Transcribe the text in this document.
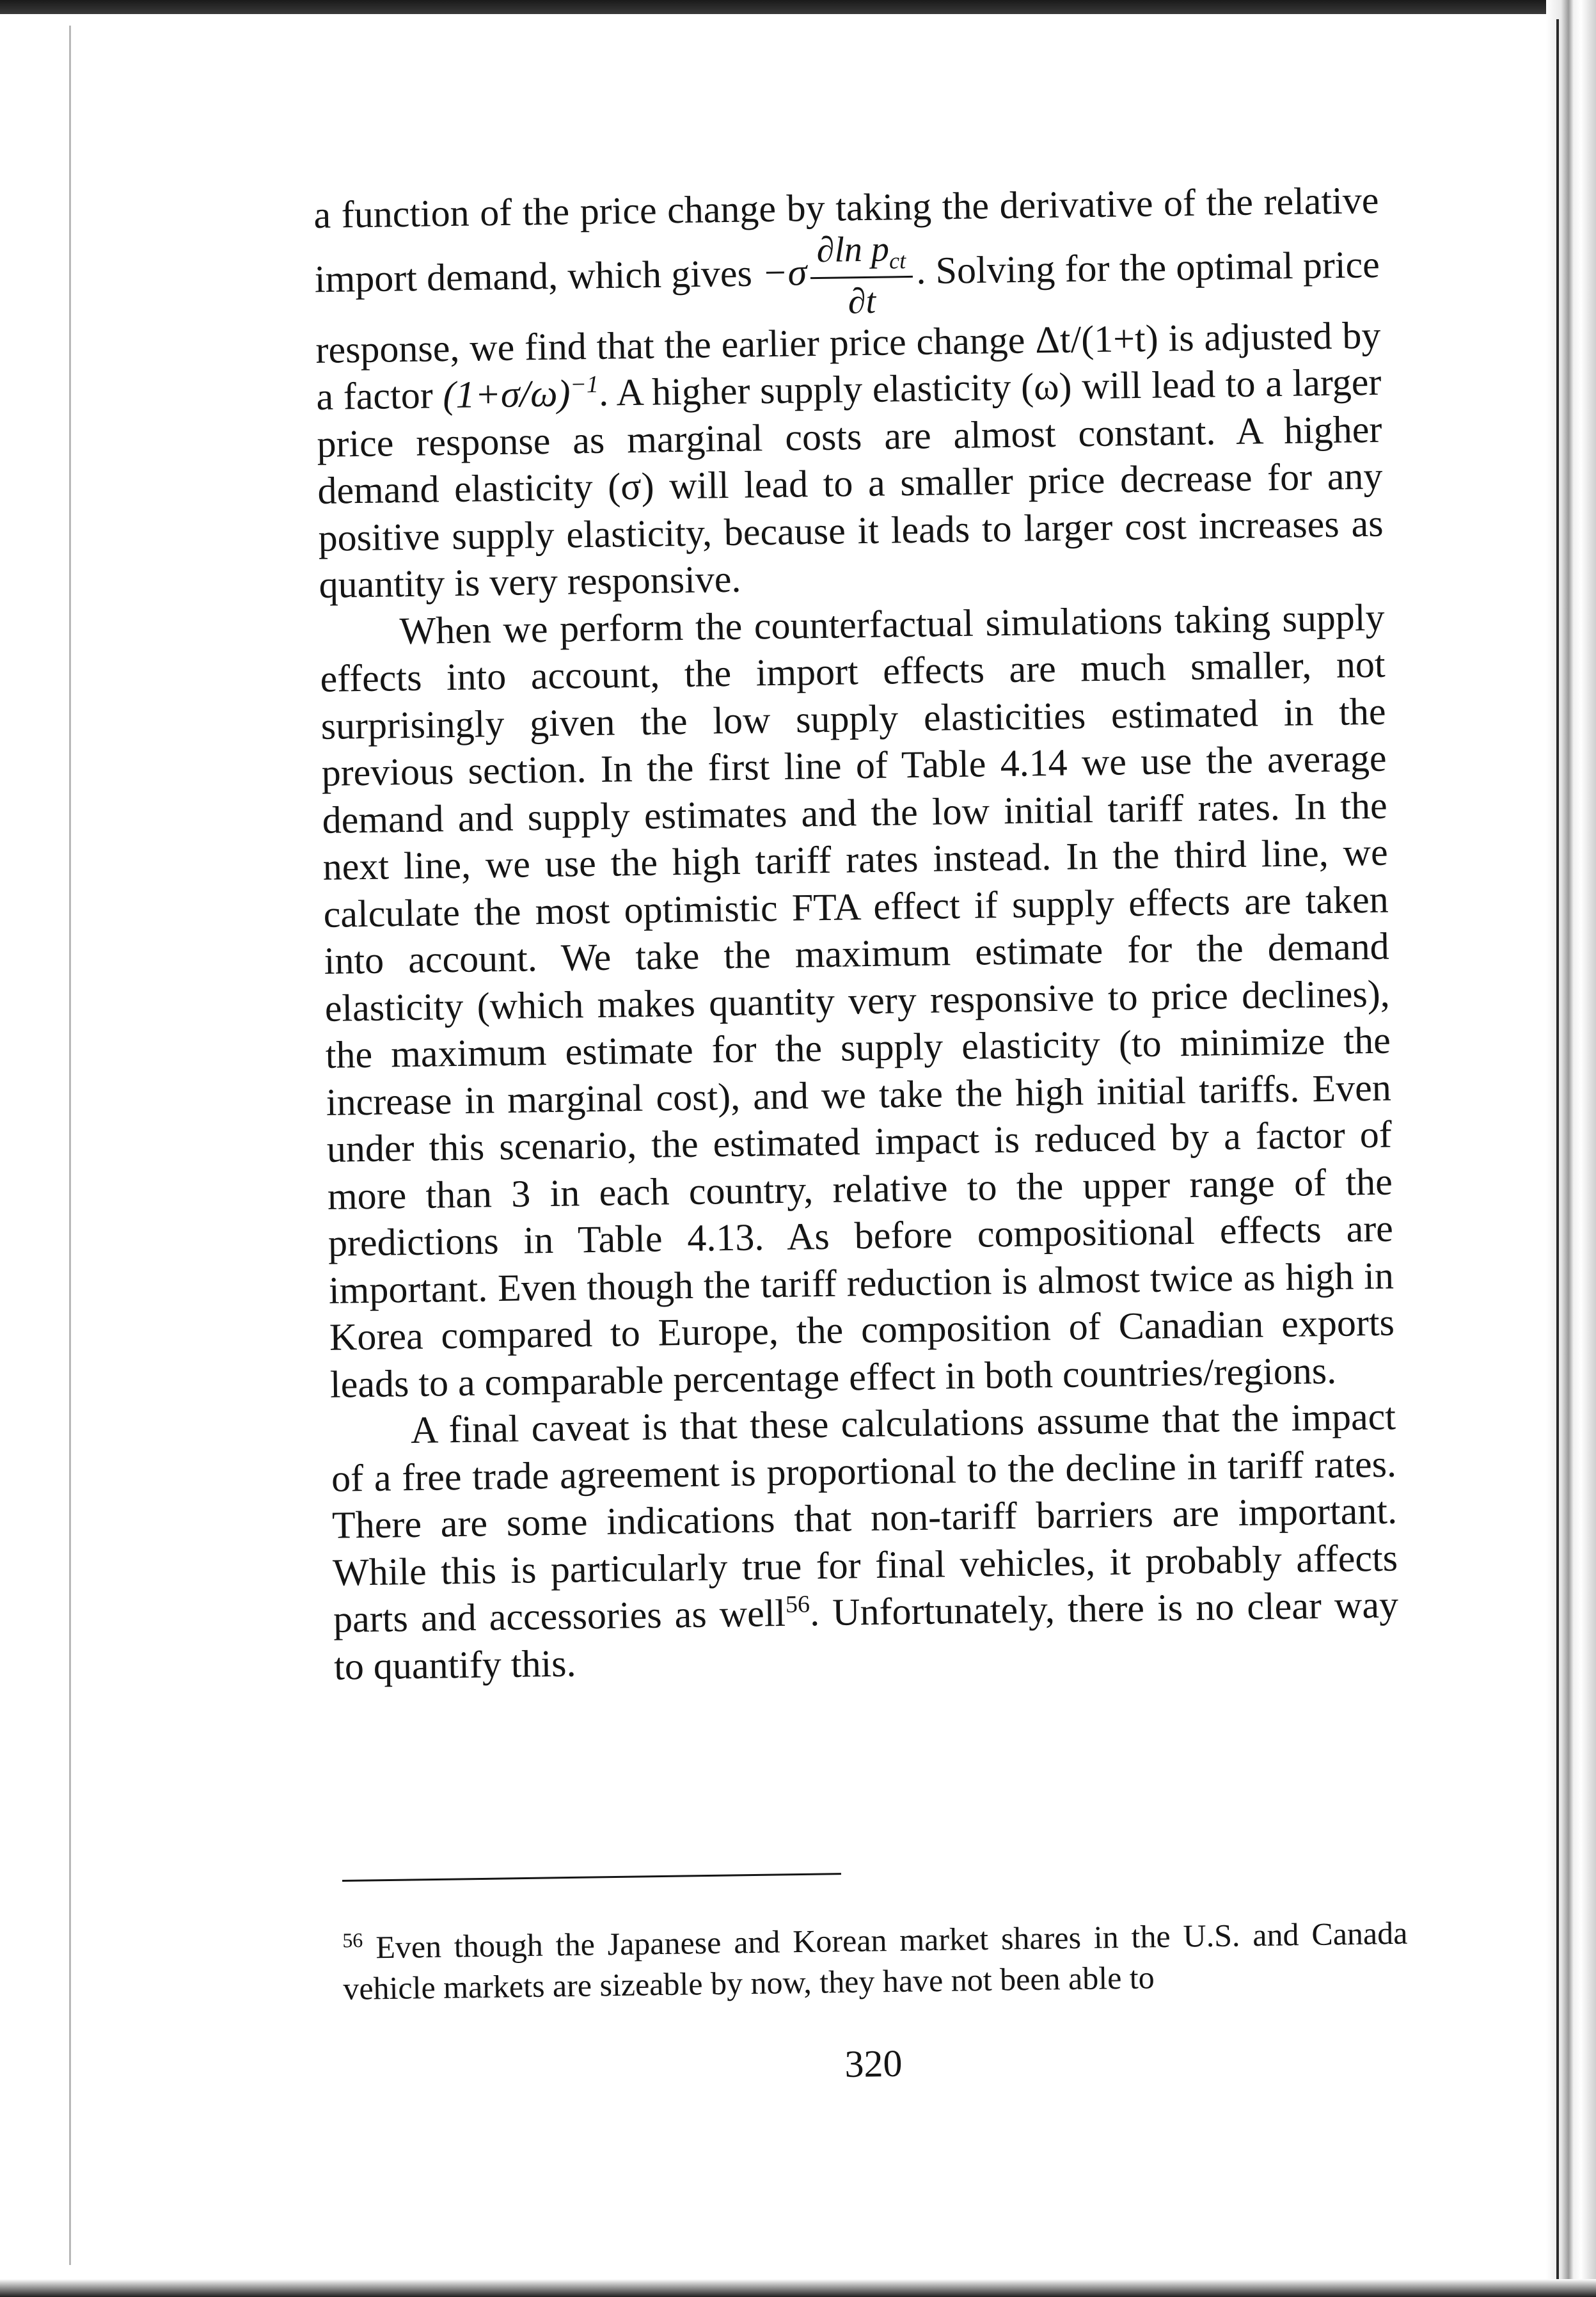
a function of the price change by taking the derivative of the relative import demand, which gives $-\sigma \frac{\partial\ln p_{ct}}{\partial t}$ . Solving for the optimal price response, we find that the earlier price change Δt/(1+t) is adjusted by a factor $(1+\sigma/\omega)^{-1}$. A higher supply elasticity (ω) will lead to a larger price response as marginal costs are almost constant. A higher demand elasticity (σ) will lead to a smaller price decrease for any positive supply elasticity, because it leads to larger cost increases as quantity is very responsive.

When we perform the counterfactual simulations taking supply effects into account, the import effects are much smaller, not surprisingly given the low supply elasticities estimated in the previous section. In the first line of Table 4.14 we use the average demand and supply estimates and the low initial tariff rates. In the next line, we use the high tariff rates instead. In the third line, we calculate the most optimistic FTA effect if supply effects are taken into account. We take the maximum estimate for the demand elasticity (which makes quantity very responsive to price declines), the maximum estimate for the supply elasticity (to minimize the increase in marginal cost), and we take the high initial tariffs. Even under this scenario, the estimated impact is reduced by a factor of more than 3 in each country, relative to the upper range of the predictions in Table 4.13. As before compositional effects are important. Even though the tariff reduction is almost twice as high in Korea compared to Europe, the composition of Canadian exports leads to a comparable percentage effect in both countries/regions.

A final caveat is that these calculations assume that the impact of a free trade agreement is proportional to the decline in tariff rates. There are some indications that non-tariff barriers are important. While this is particularly true for final vehicles, it probably affects parts and accessories as well$^{56}$. Unfortunately, there is no clear way to quantify this.

$^{56}$ Even though the Japanese and Korean market shares in the U.S. and Canada vehicle markets are sizeable by now, they have not been able to

320
